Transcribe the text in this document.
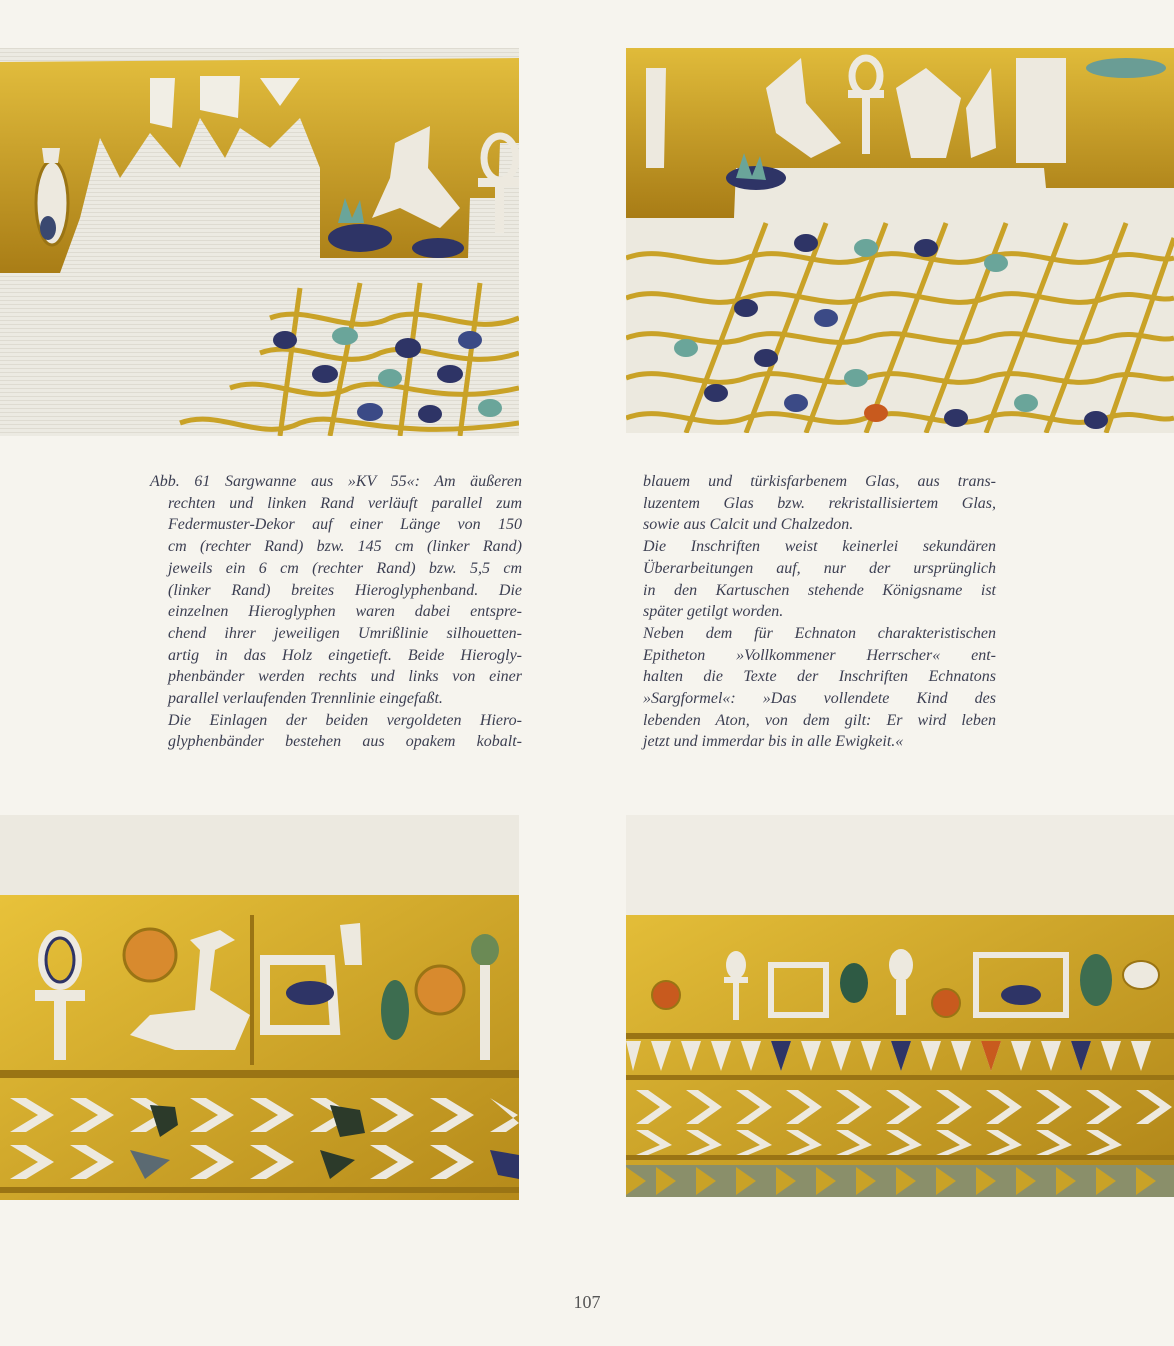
Abb. 61 Sargwanne aus »KV 55«: Am äußeren
rechten und linken Rand verläuft parallel zum
Federmuster-Dekor auf einer Länge von 150
cm (rechter Rand) bzw. 145 cm (linker Rand)
jeweils ein 6 cm (rechter Rand) bzw. 5,5 cm
(linker Rand) breites Hieroglyphenband. Die
einzelnen Hieroglyphen waren dabei entspre-
chend ihrer jeweiligen Umrißlinie silhouetten-
artig in das Holz eingetieft. Beide Hierogly-
phenbänder werden rechts und links von einer
parallel verlaufenden Trennlinie eingefaßt.
Die Einlagen der beiden vergoldeten Hiero-
glyphenbänder bestehen aus opakem kobalt-
blauem und türkisfarbenem Glas, aus trans-
luzentem Glas bzw. rekristallisiertem Glas,
sowie aus Calcit und Chalzedon.
Die Inschriften weist keinerlei sekundären
Überarbeitungen auf, nur der ursprünglich
in den Kartuschen stehende Königsname ist
später getilgt worden.
Neben dem für Echnaton charakteristischen
Epitheton »Vollkommener Herrscher« ent-
halten die Texte der Inschriften Echnatons
»Sargformel«: »Das vollendete Kind des
lebenden Aton, von dem gilt: Er wird leben
jetzt und immerdar bis in alle Ewigkeit.«
107
